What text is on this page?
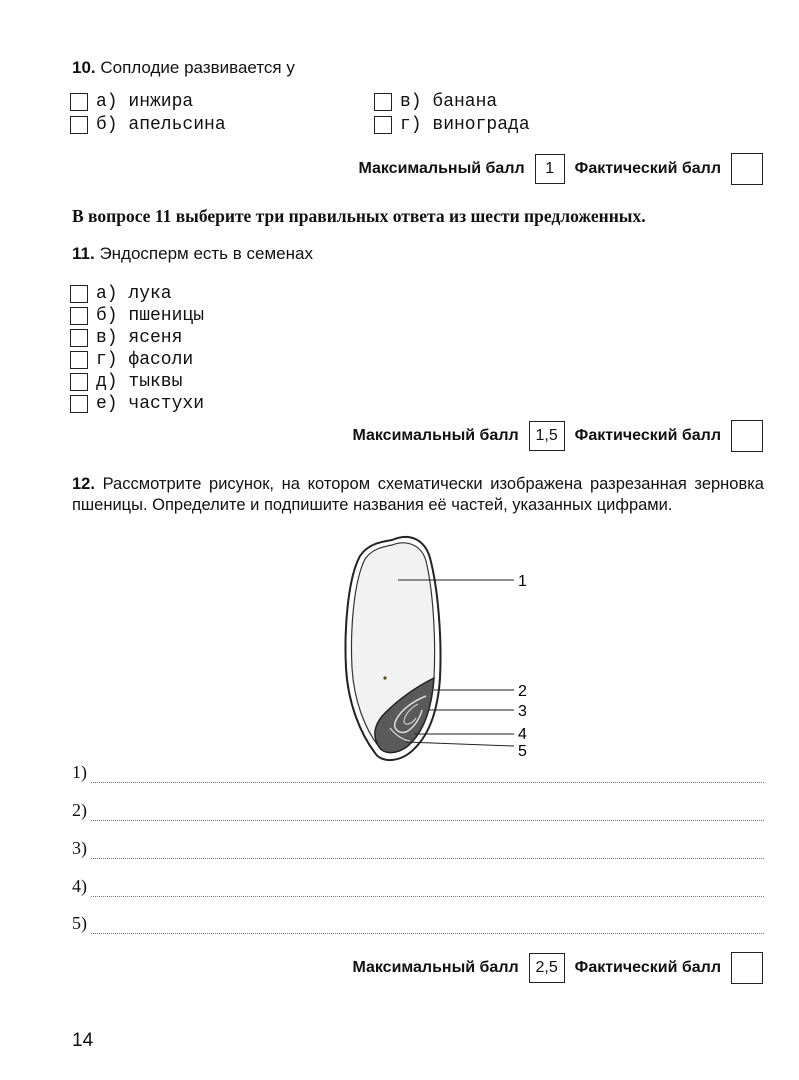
10. Соплодие развивается у
а) инжира
б) апельсина
в) банана
г) винограда
Максимальный балл	1	Фактический балл
В вопросе 11 выберите три правильных ответа из шести предложенных.
11. Эндосперм есть в семенах
а) лука
б) пшеницы
в) ясеня
г) фасоли
д) тыквы
е) частухи
Максимальный балл	1,5	Фактический балл
12. Рассмотрите рисунок, на котором схематически изображена разрезанная зерновка пшеницы. Определите и подпишите названия её частей, указанных цифрами.
1
2
3
4
5
1)
2)
3)
4)
5)
Максимальный балл	2,5	Фактический балл
14
